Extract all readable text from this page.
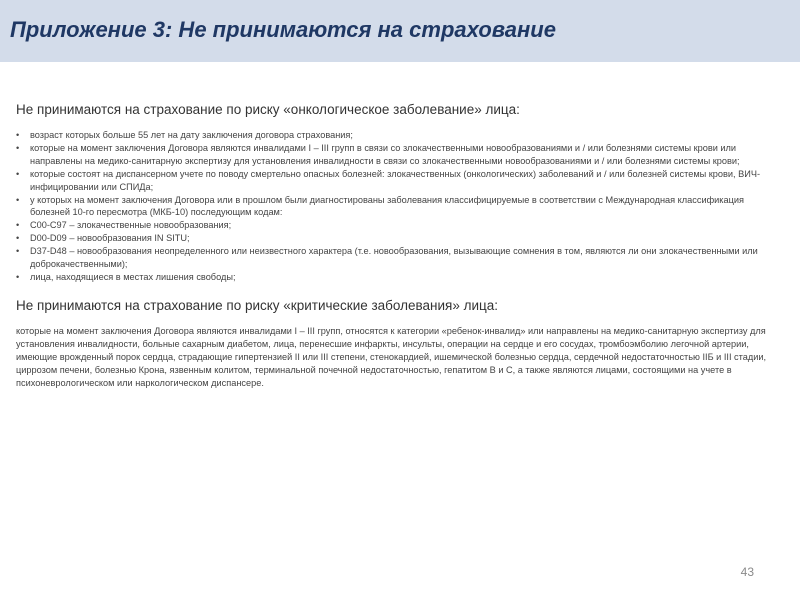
Приложение 3: Не принимаются на страхование
Не принимаются на страхование по риску «онкологическое заболевание» лица:
• возраст которых больше 55 лет на дату заключения договора страхования;
• которые на момент заключения Договора являются инвалидами I – III групп в связи со злокачественными новообразованиями и / или болезнями системы крови или направлены на медико-санитарную экспертизу для установления инвалидности в связи со злокачественными новообразованиями и / или болезнями системы крови;
• которые состоят на диспансерном учете по поводу смертельно опасных болезней: злокачественных (онкологических) заболеваний и / или болезней системы крови, ВИЧ-инфицировании или СПИДа;
• у которых на момент заключения Договора или в прошлом были диагностированы заболевания классифицируемые в соответствии с Международная классификация болезней 10-го пересмотра (МКБ-10) последующим кодам:
• С00-С97 – злокачественные новообразования;
• D00-D09 – новообразования IN SITU;
• D37-D48 – новообразования неопределенного или неизвестного характера (т.е. новообразования, вызывающие сомнения в том, являются ли они злокачественными или доброкачественными);
• лица, находящиеся в местах лишения свободы;
Не принимаются на страхование по риску «критические заболевания» лица:

которые на момент заключения Договора являются инвалидами I – III групп, относятся к категории «ребенок-инвалид» или направлены на медико-санитарную экспертизу для установления инвалидности, больные сахарным диабетом, лица, перенесшие инфаркты, инсульты, операции на сердце и его сосудах, тромбоэмболию легочной артерии, имеющие врожденный порок сердца, страдающие гипертензией II или III степени, стенокардией, ишемической болезнью сердца, сердечной недостаточностью IIБ и III стадии, циррозом печени, болезнью Крона, язвенным колитом, терминальной почечной недостаточностью, гепатитом B и C, а также являются лицами, состоящими на учете в психоневрологическом или наркологическом диспансере.

43
